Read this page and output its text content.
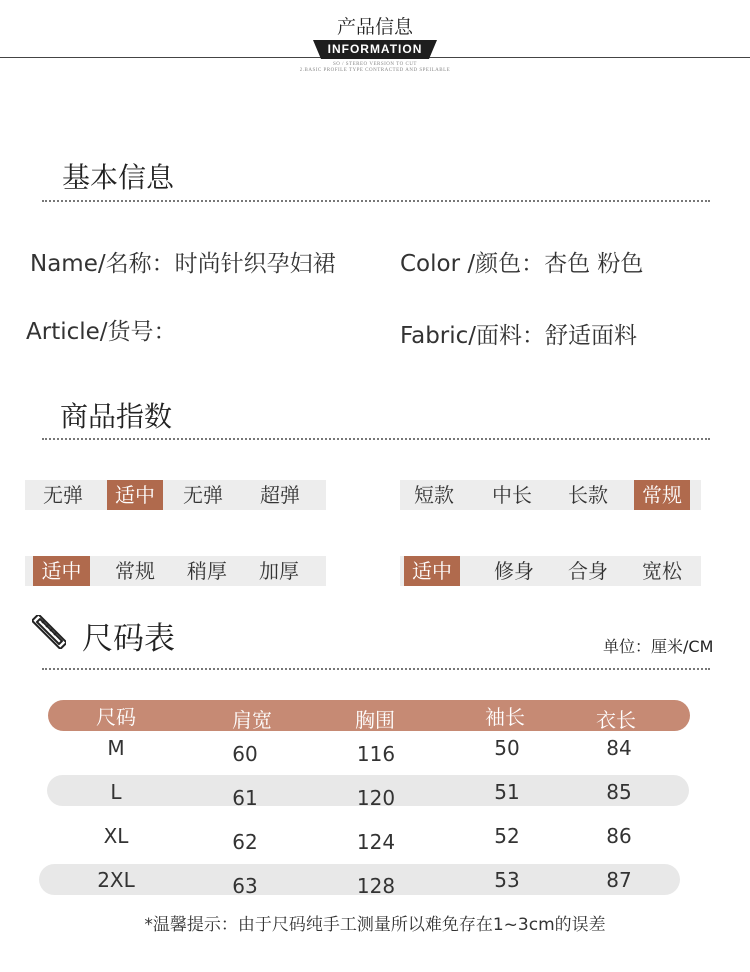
产品信息
INFORMATION
SO / STEREO VERSION TO CUT
2.BASIC PROFILE TYPE CONTRACTED AND SPEILABLE
基本信息
Name/名称：时尚针织孕妇裙	Color /颜色：杏色 粉色
Article/货号：	Fabric/面料：舒适面料
商品指数
无弹	适中	无弹	超弹	短款	中长	长款	常规
适中	常规	稍厚	加厚	适中	修身	合身	宽松
尺码表	单位：厘米/CM
尺码	肩宽	胸围	袖长	衣长
M	60	116	50	84
L	61	120	51	85
XL	62	124	52	86
2XL	63	128	53	87
*温馨提示：由于尺码纯手工测量所以难免存在1~3cm的误差
